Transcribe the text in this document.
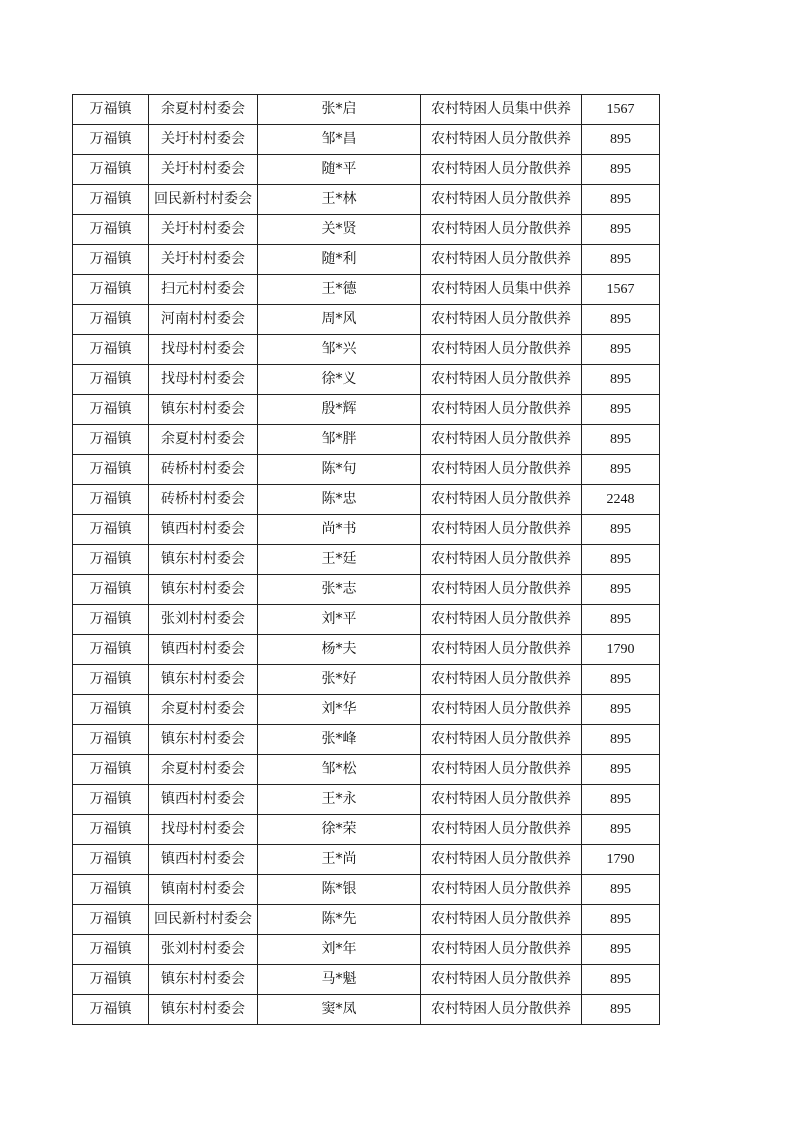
万福镇	余夏村村委会	张*启	农村特困人员集中供养	1567
万福镇	关圩村村委会	邹*昌	农村特困人员分散供养	895
万福镇	关圩村村委会	随*平	农村特困人员分散供养	895
万福镇	回民新村村委会	王*林	农村特困人员分散供养	895
万福镇	关圩村村委会	关*贤	农村特困人员分散供养	895
万福镇	关圩村村委会	随*利	农村特困人员分散供养	895
万福镇	扫元村村委会	王*德	农村特困人员集中供养	1567
万福镇	河南村村委会	周*风	农村特困人员分散供养	895
万福镇	找母村村委会	邹*兴	农村特困人员分散供养	895
万福镇	找母村村委会	徐*义	农村特困人员分散供养	895
万福镇	镇东村村委会	殷*辉	农村特困人员分散供养	895
万福镇	余夏村村委会	邹*胖	农村特困人员分散供养	895
万福镇	砖桥村村委会	陈*句	农村特困人员分散供养	895
万福镇	砖桥村村委会	陈*忠	农村特困人员分散供养	2248
万福镇	镇西村村委会	尚*书	农村特困人员分散供养	895
万福镇	镇东村村委会	王*廷	农村特困人员分散供养	895
万福镇	镇东村村委会	张*志	农村特困人员分散供养	895
万福镇	张刘村村委会	刘*平	农村特困人员分散供养	895
万福镇	镇西村村委会	杨*夫	农村特困人员分散供养	1790
万福镇	镇东村村委会	张*好	农村特困人员分散供养	895
万福镇	余夏村村委会	刘*华	农村特困人员分散供养	895
万福镇	镇东村村委会	张*峰	农村特困人员分散供养	895
万福镇	余夏村村委会	邹*松	农村特困人员分散供养	895
万福镇	镇西村村委会	王*永	农村特困人员分散供养	895
万福镇	找母村村委会	徐*荣	农村特困人员分散供养	895
万福镇	镇西村村委会	王*尚	农村特困人员分散供养	1790
万福镇	镇南村村委会	陈*银	农村特困人员分散供养	895
万福镇	回民新村村委会	陈*先	农村特困人员分散供养	895
万福镇	张刘村村委会	刘*年	农村特困人员分散供养	895
万福镇	镇东村村委会	马*魁	农村特困人员分散供养	895
万福镇	镇东村村委会	窦*凤	农村特困人员分散供养	895
